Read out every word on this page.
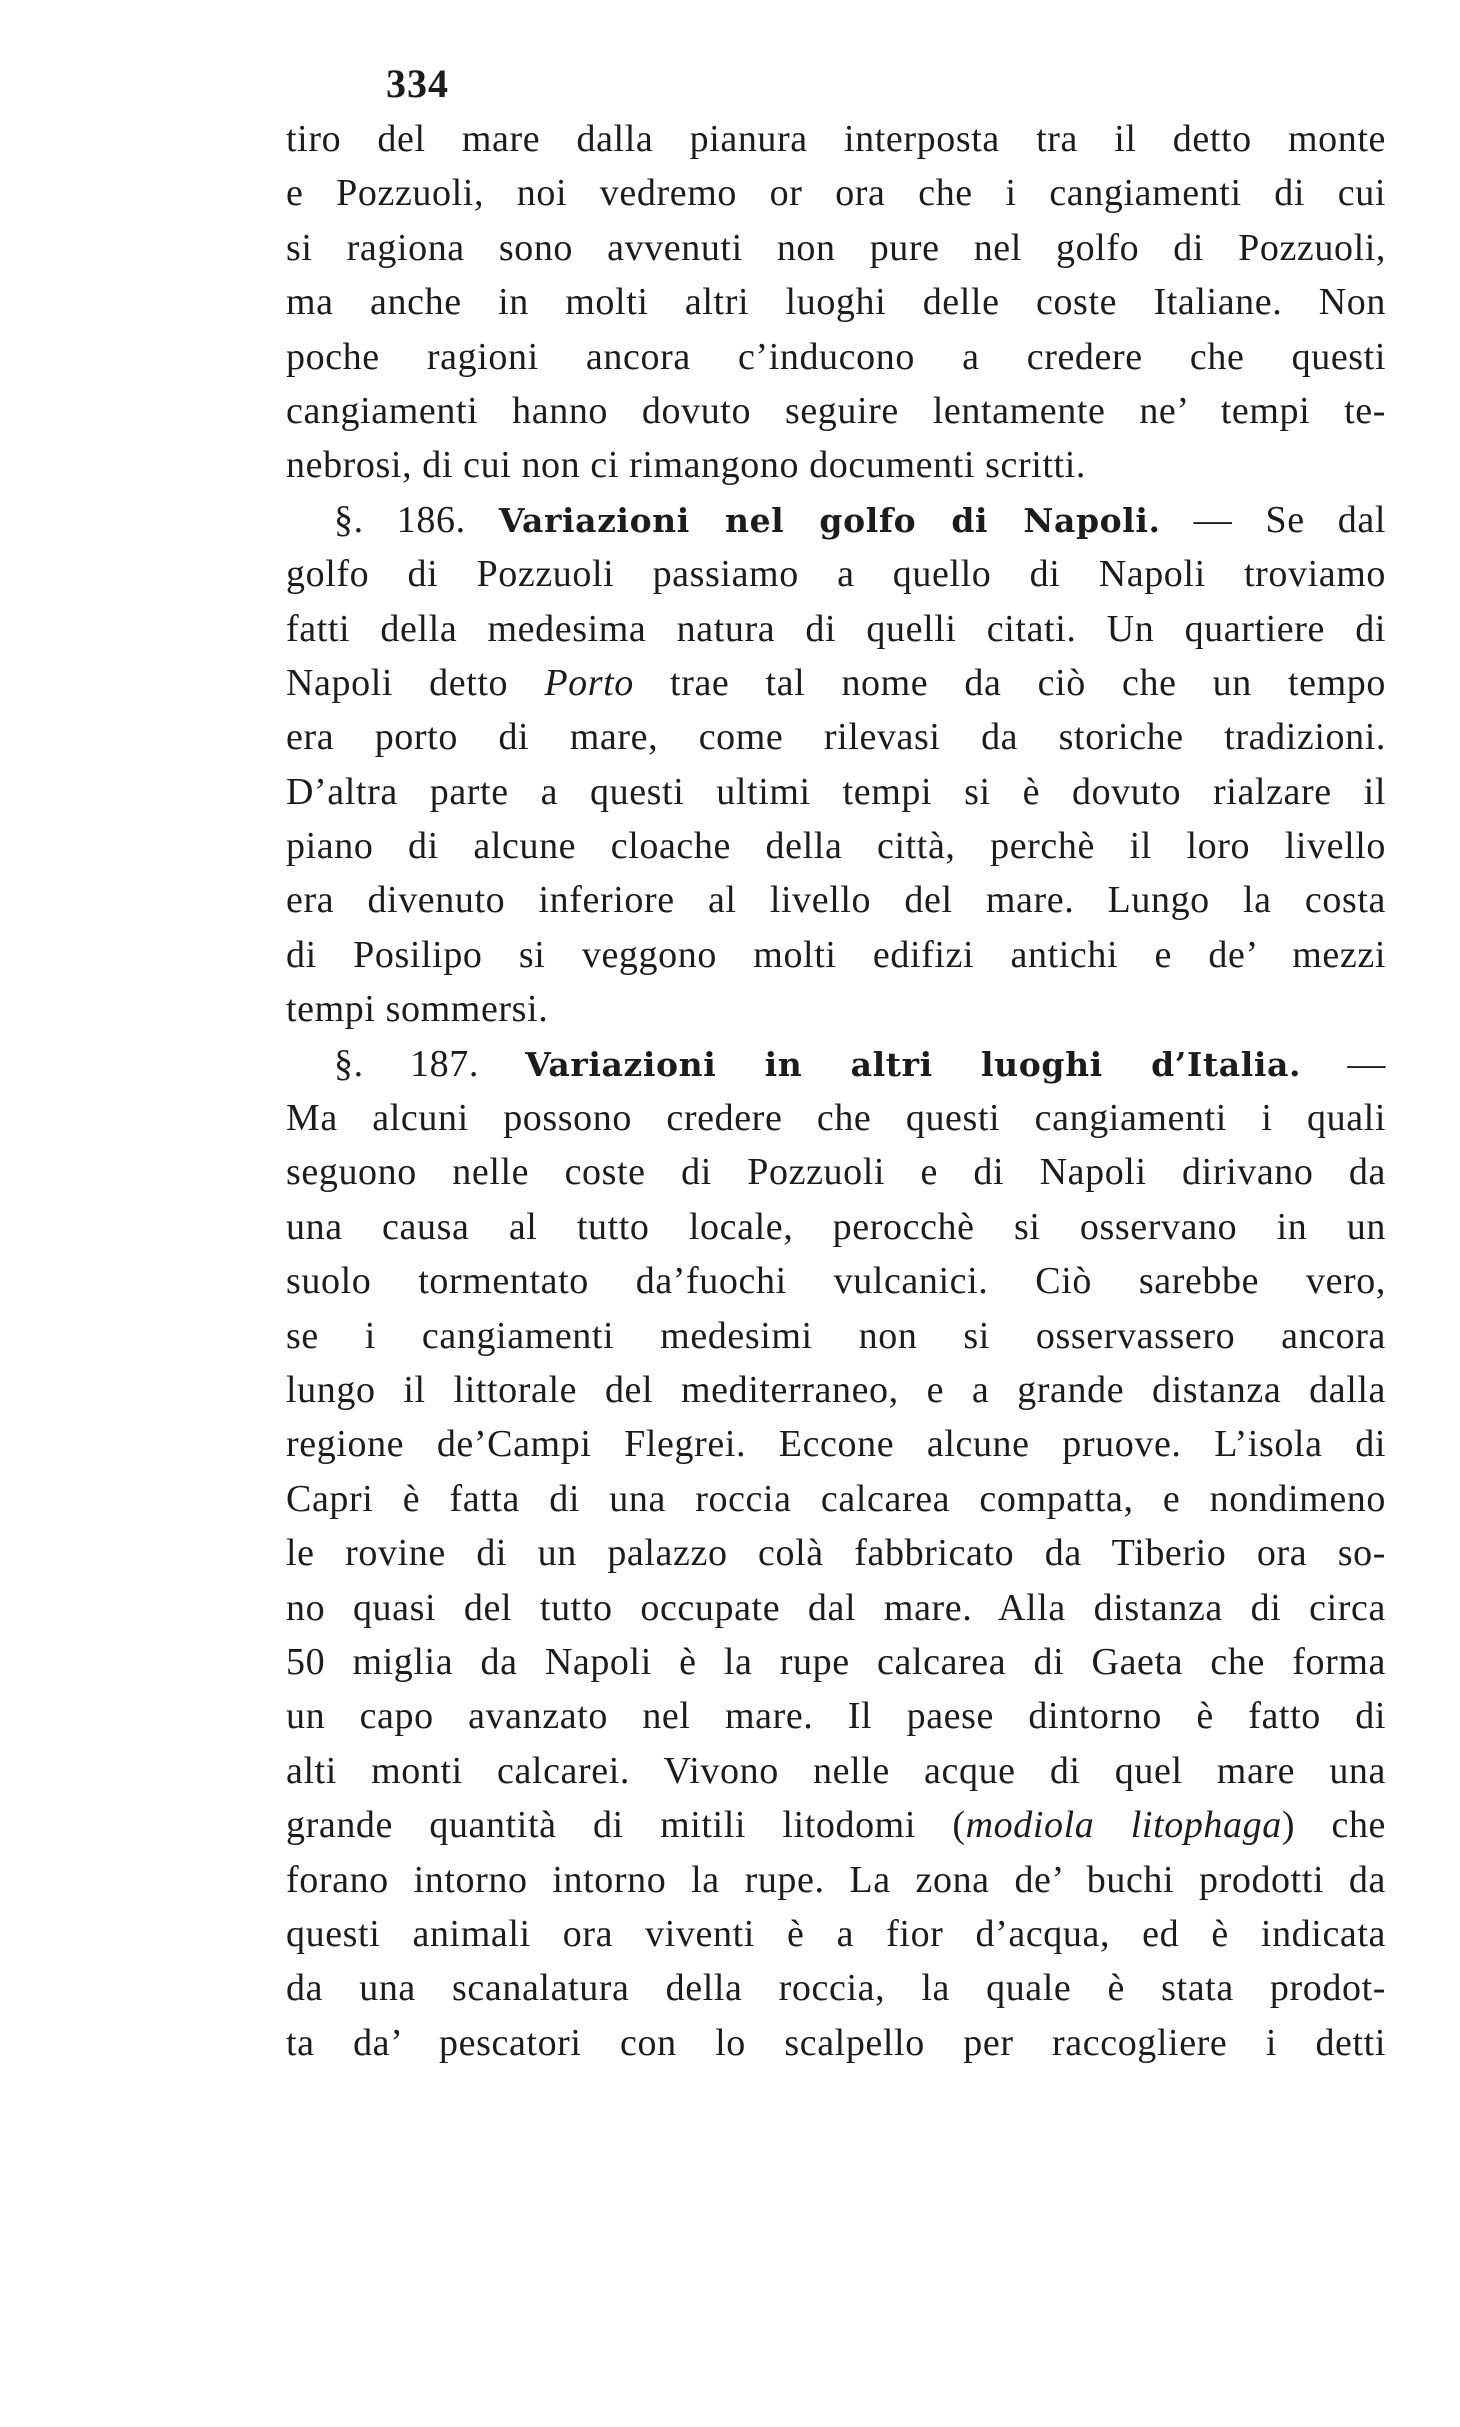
334
tiro del mare dalla pianura interposta tra il detto monte
e Pozzuoli, noi vedremo or ora che i cangiamenti di cui
si ragiona sono avvenuti non pure nel golfo di Pozzuoli,
ma anche in molti altri luoghi delle coste Italiane. Non
poche ragioni ancora c’inducono a credere che questi
cangiamenti hanno dovuto seguire lentamente ne’ tempi te-
nebrosi, di cui non ci rimangono documenti scritti.
§. 186. Variazioni nel golfo di Napoli. — Se dal
golfo di Pozzuoli passiamo a quello di Napoli troviamo
fatti della medesima natura di quelli citati. Un quartiere di
Napoli detto Porto trae tal nome da ciò che un tempo
era porto di mare, come rilevasi da storiche tradizioni.
D’altra parte a questi ultimi tempi si è dovuto rialzare il
piano di alcune cloache della città, perchè il loro livello
era divenuto inferiore al livello del mare. Lungo la costa
di Posilipo si veggono molti edifizi antichi e de’ mezzi
tempi sommersi.
§. 187. Variazioni in altri luoghi d’Italia. —
Ma alcuni possono credere che questi cangiamenti i quali
seguono nelle coste di Pozzuoli e di Napoli dirivano da
una causa al tutto locale, perocchè si osservano in un
suolo tormentato da’fuochi vulcanici. Ciò sarebbe vero,
se i cangiamenti medesimi non si osservassero ancora
lungo il littorale del mediterraneo, e a grande distanza dalla
regione de’Campi Flegrei. Eccone alcune pruove. L’isola di
Capri è fatta di una roccia calcarea compatta, e nondimeno
le rovine di un palazzo colà fabbricato da Tiberio ora so-
no quasi del tutto occupate dal mare. Alla distanza di circa
50 miglia da Napoli è la rupe calcarea di Gaeta che forma
un capo avanzato nel mare. Il paese dintorno è fatto di
alti monti calcarei. Vivono nelle acque di quel mare una
grande quantità di mitili litodomi (modiola litophaga) che
forano intorno intorno la rupe. La zona de’ buchi prodotti da
questi animali ora viventi è a fior d’acqua, ed è indicata
da una scanalatura della roccia, la quale è stata prodot-
ta da’ pescatori con lo scalpello per raccogliere i detti
